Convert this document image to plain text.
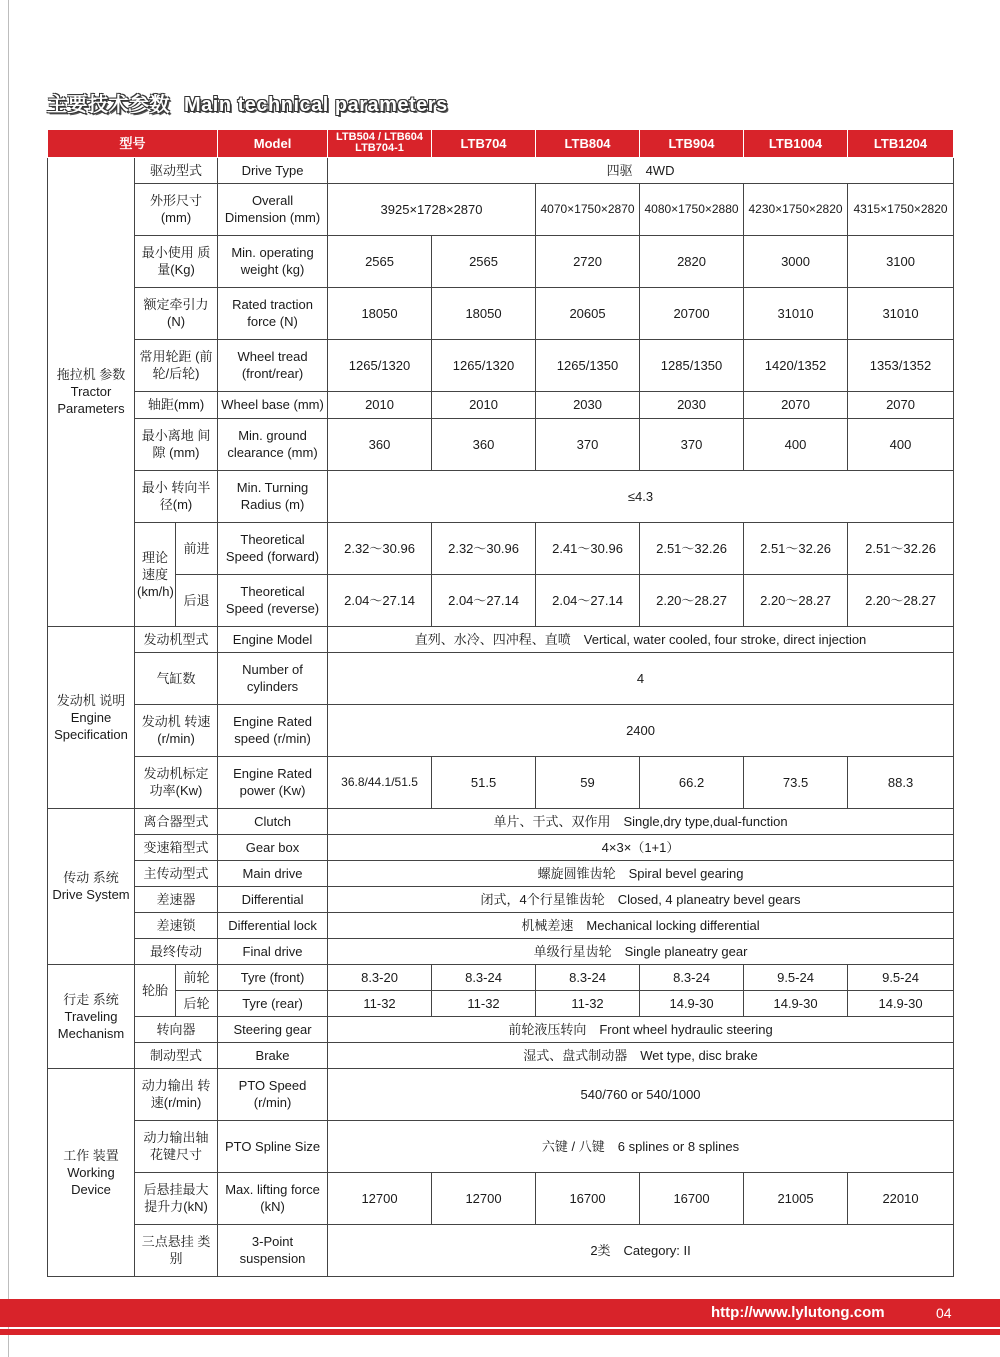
主要技术参数 Main technical parameters
型号			Model	LTB504 / LTB604 LTB704-1	LTB704	LTB804	LTB904	LTB1004	LTB1204
拖拉机 参数
Tractor Parameters	驱动型式		Drive Type	四驱　4WD					
	外形尺寸 (mm)		Overall Dimension (mm)	3925×1728×2870		4070×1750×2870	4080×1750×2880	4230×1750×2820	4315×1750×2820
	最小使用 质量(Kg)		Min. operating weight (kg)	2565	2565	2720	2820	3000	3100
	额定牵引力 (N)		Rated traction force (N)	18050	18050	20605	20700	31010	31010
	常用轮距 (前轮/后轮)		Wheel tread (front/rear)	1265/1320	1265/1320	1265/1350	1285/1350	1420/1352	1353/1352
	轴距(mm)		Wheel base (mm)	2010	2010	2030	2030	2070	2070
	最小离地 间隙 (mm)		Min. ground clearance (mm)	360	360	370	370	400	400
	最小 转向半径(m)		Min. Turning Radius (m)	≤4.3					
	理论 速度 (km/h)	前进	Theoretical Speed (forward)	2.32～30.96	2.32～30.96	2.41～30.96	2.51～32.26	2.51～32.26	2.51～32.26
		后退	Theoretical Speed (reverse)	2.04～27.14	2.04～27.14	2.04～27.14	2.20～28.27	2.20～28.27	2.20～28.27
发动机 说明
Engine Specification	发动机型式		Engine Model	直列、水冷、四冲程、直喷　Vertical, water cooled, four stroke, direct injection					
	气缸数		Number of cylinders	4					
	发动机 转速(r/min)		Engine Rated speed (r/min)	2400					
	发动机标定 功率(Kw)		Engine Rated power (Kw)	36.8/44.1/51.5	51.5	59	66.2	73.5	88.3
传动 系统
Drive System	离合器型式		Clutch	单片、干式、双作用　Single,dry type,dual-function					
	变速箱型式		Gear box	4×3×（1+1）					
	主传动型式		Main drive	螺旋圆锥齿轮　Spiral bevel gearing					
	差速器		Differential	闭式，4个行星锥齿轮　Closed, 4 planeatry bevel gears					
	差速锁		Differential lock	机械差速　Mechanical locking differential					
	最终传动		Final drive	单级行星齿轮　Single planeatry gear					
行走 系统
Traveling Mechanism	轮胎	前轮	Tyre (front)	8.3-20	8.3-24	8.3-24	8.3-24	9.5-24	9.5-24
		后轮	Tyre (rear)	11-32	11-32	11-32	14.9-30	14.9-30	14.9-30
	转向器		Steering gear	前轮液压转向　Front wheel hydraulic steering					
	制动型式		Brake	湿式、盘式制动器　Wet type, disc brake					
工作 装置
Working Device	动力输出 转速(r/min)		PTO Speed (r/min)	540/760 or 540/1000					
	动力输出轴 花键尺寸		PTO Spline Size	六键 / 八键　6 splines or 8 splines					
	后悬挂最大 提升力(kN)		Max. lifting force (kN)	12700	12700	16700	16700	21005	22010
	三点悬挂 类别		3-Point suspension	2类　Category: II					
http://www.lylutong.com	04
